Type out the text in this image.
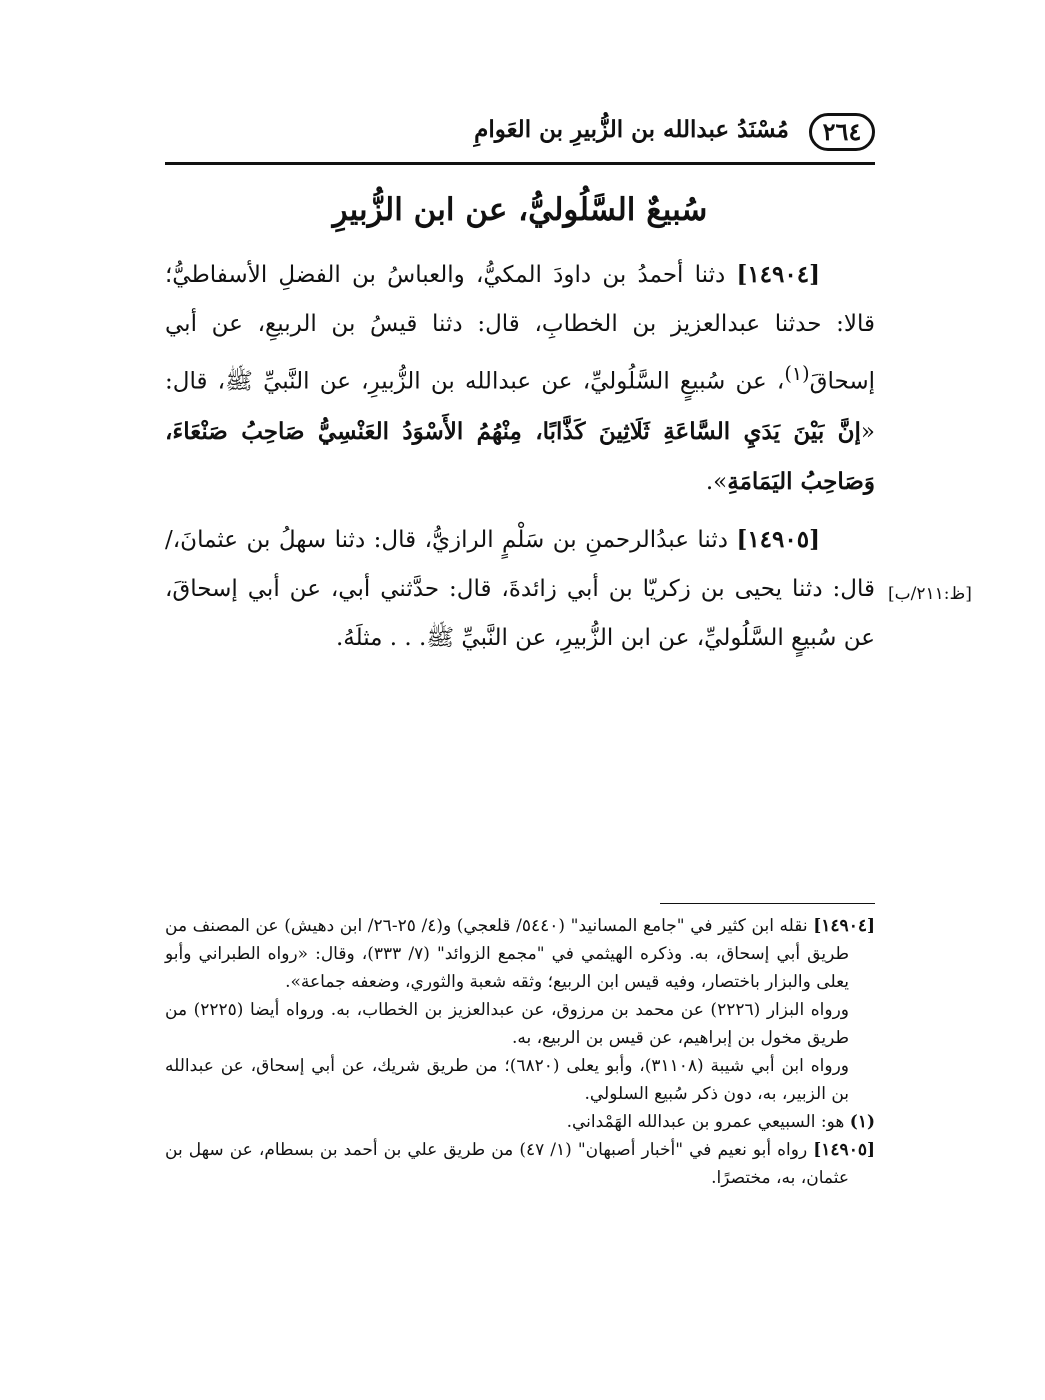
٢٦٤
مُسْنَدُ عبدالله بن الزُّبيرِ بن العَوامِ
سُبيعٌ السَّلُوليُّ، عن ابن الزُّبيرِ

[١٤٩٠٤] دثنا أحمدُ بن داودَ المكيُّ، والعباسُ بن الفضلِ الأسفاطيُّ؛ قالا: حدثنا عبدالعزيز بن الخطابِ، قال: دثنا قيسُ بن الربيعِ، عن أبي إسحاقَ$^{(١)}$، عن سُبيعٍ السَّلُوليِّ، عن عبدالله بن الزُّبيرِ، عن النَّبيِّ ﷺ، قال: «إنَّ بَيْنَ يَدَيِ السَّاعَةِ ثَلَاثِينَ كَذَّابًا، مِنْهُمُ الأَسْوَدُ العَنْسِيُّ صَاحِبُ صَنْعَاءَ، وَصَاحِبُ اليَمَامَةِ».

[١٤٩٠٥] دثنا عبدُالرحمنِ بن سَلْمٍ الرازيُّ، قال: دثنا سهلُ بن عثمانَ،/ قال: دثنا يحيى بن زكريّا بن أبي زائدةَ، قال: حدَّثني أبي، عن أبي إسحاقَ، عن سُبيعٍ السَّلُوليِّ، عن ابن الزُّبيرِ، عن النَّبيِّ ﷺ. . . مثلَهُ.

[ظ:٢١١/ب]

[١٤٩٠٤] نقله ابن كثير في "جامع المسانيد" (٥٤٤٠/ قلعجي) و(٤/ ٢٥-٢٦/ ابن دهيش) عن المصنف من طريق أبي إسحاق، به. وذكره الهيثمي في "مجمع الزوائد" (٧/ ٣٣٣)، وقال: «رواه الطبراني وأبو يعلى والبزار باختصار، وفيه قيس ابن الربيع؛ وثقه شعبة والثوري، وضعفه جماعة».

ورواه البزار (٢٢٢٦) عن محمد بن مرزوق، عن عبدالعزيز بن الخطاب، به. ورواه أيضا (٢٢٢٥) من طريق مخول بن إبراهيم، عن قيس بن الربيع، به.

ورواه ابن أبي شيبة (٣١١٠٨)، وأبو يعلى (٦٨٢٠)؛ من طريق شريك، عن أبي إسحاق، عن عبدالله بن الزبير، به، دون ذكر سُبيع السلولي.

(١) هو: السبيعي عمرو بن عبدالله الهَمْداني.

[١٤٩٠٥] رواه أبو نعيم في "أخبار أصبهان" (١/ ٤٧) من طريق علي بن أحمد بن بسطام، عن سهل بن عثمان، به، مختصرًا.
